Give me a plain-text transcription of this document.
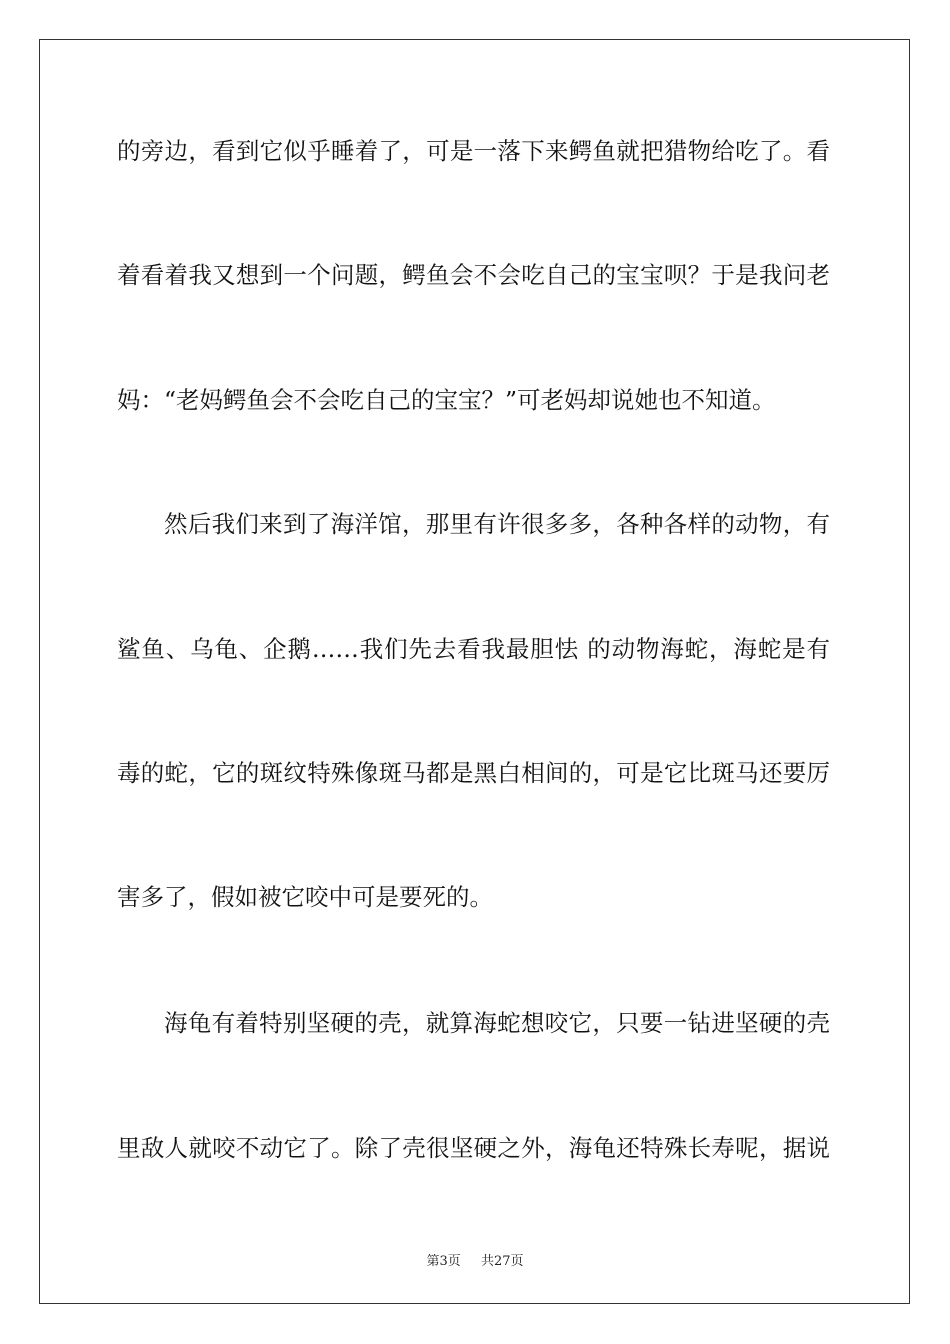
的旁边，看到它似乎睡着了，可是一落下来鳄鱼就把猎物给吃了。看
着看着我又想到一个问题，鳄鱼会不会吃自己的宝宝呗？于是我问老
妈：“老妈鳄鱼会不会吃自己的宝宝？”可老妈却说她也不知道。
然后我们来到了海洋馆，那里有许很多多，各种各样的动物，有
鲨鱼、乌龟、企鹅……我们先去看我最胆怯 的动物海蛇，海蛇是有
毒的蛇，它的斑纹特殊像斑马都是黑白相间的，可是它比斑马还要厉
害多了，假如被它咬中可是要死的。
海龟有着特别坚硬的壳，就算海蛇想咬它，只要一钻进坚硬的壳
里敌人就咬不动它了。除了壳很坚硬之外，海龟还特殊长寿呢，据说
第3页 共27页
